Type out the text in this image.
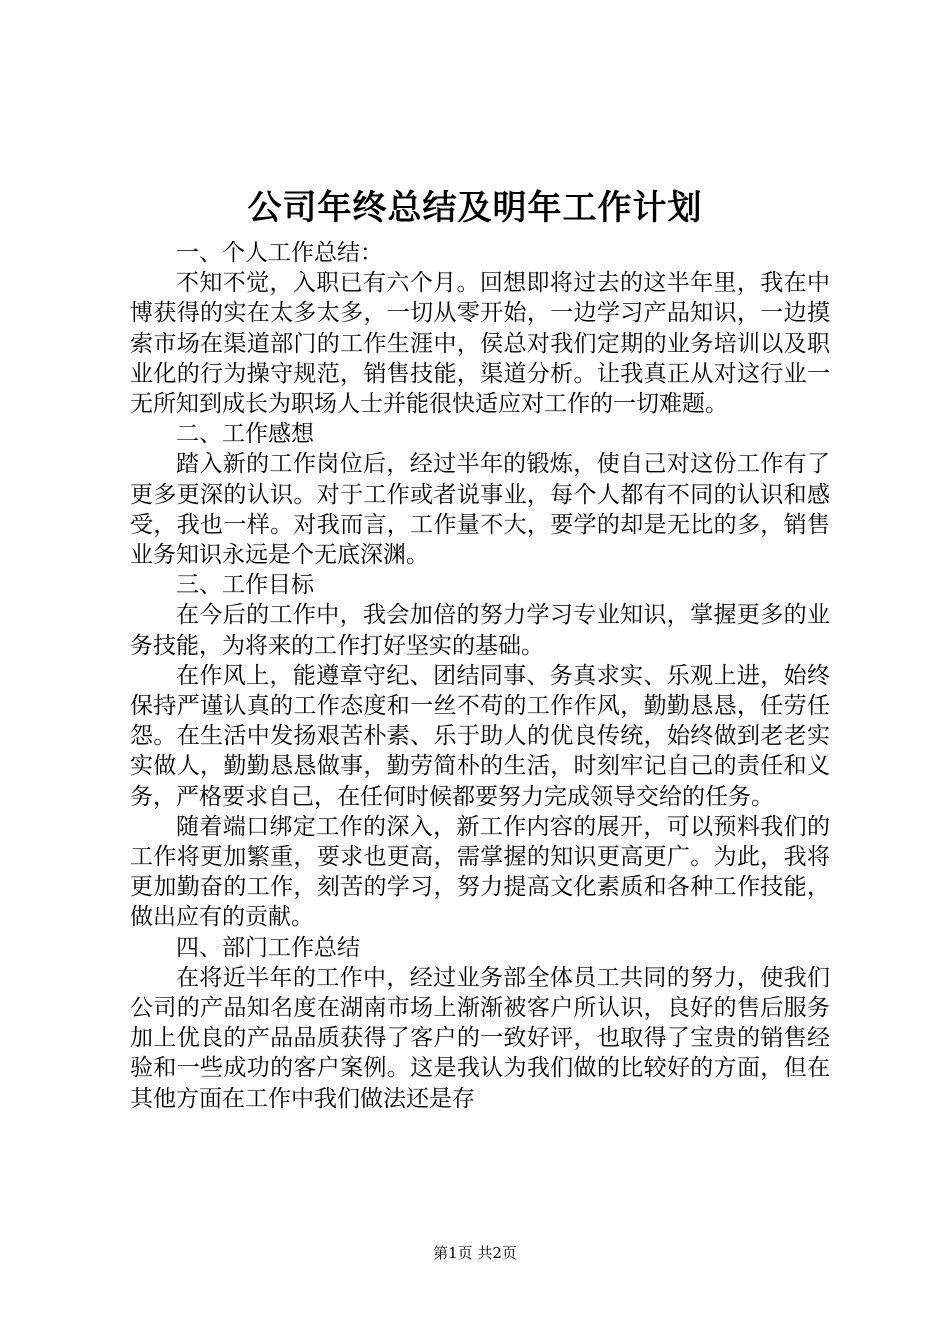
公司年终总结及明年工作计划

一、个人工作总结：

不知不觉，入职已有六个月。回想即将过去的这半年里，我在中博获得的实在太多太多，一切从零开始，一边学习产品知识，一边摸索市场在渠道部门的工作生涯中，侯总对我们定期的业务培训以及职业化的行为操守规范，销售技能，渠道分析。让我真正从对这行业一无所知到成长为职场人士并能很快适应对工作的一切难题。

二、工作感想

踏入新的工作岗位后，经过半年的锻炼，使自己对这份工作有了更多更深的认识。对于工作或者说事业，每个人都有不同的认识和感受，我也一样。对我而言，工作量不大，要学的却是无比的多，销售业务知识永远是个无底深渊。

三、工作目标

在今后的工作中，我会加倍的努力学习专业知识，掌握更多的业务技能，为将来的工作打好坚实的基础。

在作风上，能遵章守纪、团结同事、务真求实、乐观上进，始终保持严谨认真的工作态度和一丝不苟的工作作风，勤勤恳恳，任劳任怨。在生活中发扬艰苦朴素、乐于助人的优良传统，始终做到老老实实做人，勤勤恳恳做事，勤劳简朴的生活，时刻牢记自己的责任和义务，严格要求自己，在任何时候都要努力完成领导交给的任务。

随着端口绑定工作的深入，新工作内容的展开，可以预料我们的工作将更加繁重，要求也更高，需掌握的知识更高更广。为此，我将更加勤奋的工作，刻苦的学习，努力提高文化素质和各种工作技能，做出应有的贡献。

四、部门工作总结

在将近半年的工作中，经过业务部全体员工共同的努力，使我们公司的产品知名度在湖南市场上渐渐被客户所认识，良好的售后服务加上优良的产品品质获得了客户的一致好评，也取得了宝贵的销售经验和一些成功的客户案例。这是我认为我们做的比较好的方面，但在其他方面在工作中我们做法还是存

第1页 共2页
